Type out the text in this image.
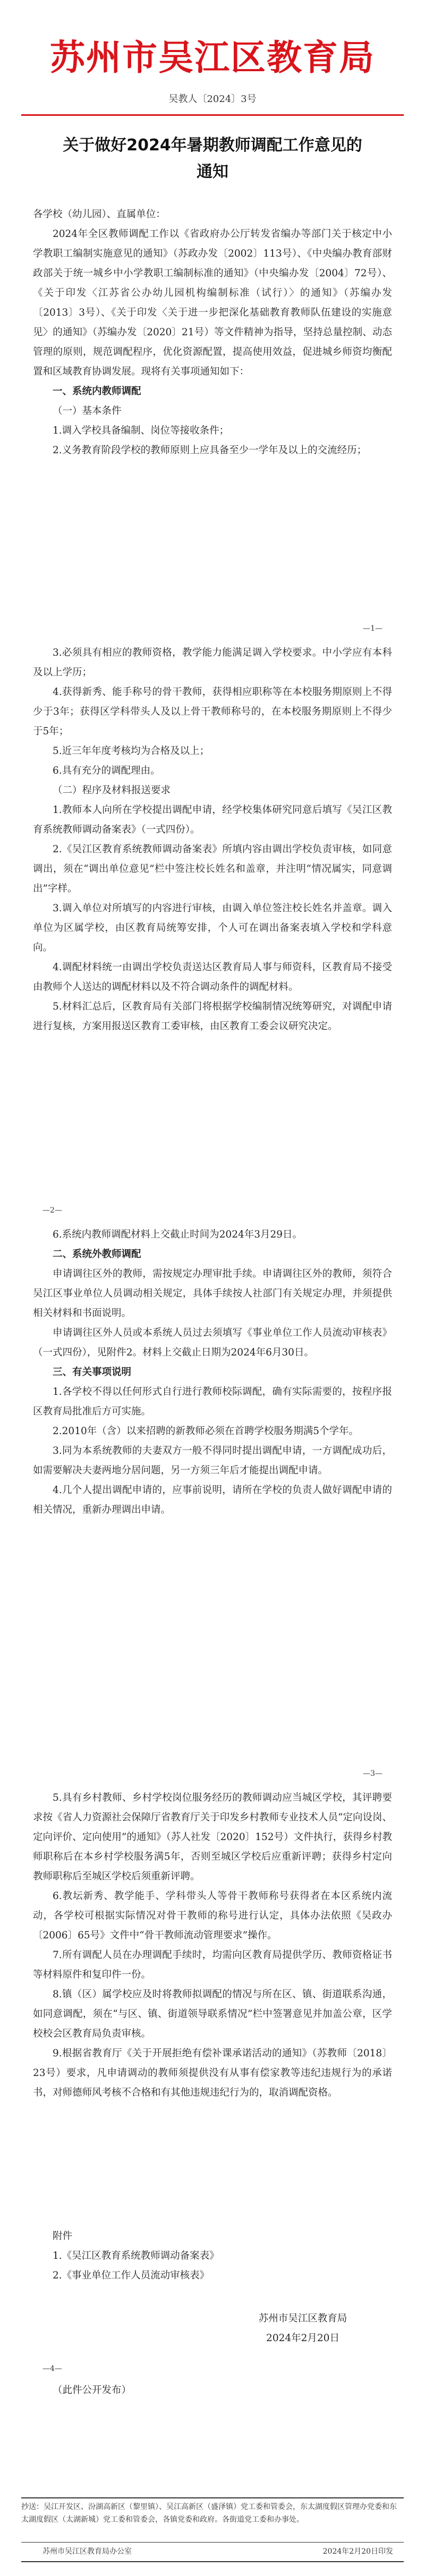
苏州市吴江区教育局
吴教人〔2024〕3号
关于做好2024年暑期教师调配工作意见的
通知

各学校（幼儿园）、直属单位：

2024年全区教师调配工作以《省政府办公厅转发省编办等部门关于核定中小学教职工编制实施意见的通知》（苏政办发〔2002〕113号）、《中央编办教育部财政部关于统一城乡中小学教职工编制标准的通知》（中央编办发〔2004〕72号）、《关于印发〈江苏省公办幼儿园机构编制标准（试行）〉的通知》（苏编办发〔2013〕3号）、《关于印发〈关于进一步把深化基础教育教师队伍建设的实施意见〉的通知》（苏编办发〔2020〕21号）等文件精神为指导，坚持总量控制、动态管理的原则，规范调配程序，优化资源配置，提高使用效益，促进城乡师资均衡配置和区域教育协调发展。现将有关事项通知如下：

一、系统内教师调配

（一）基本条件

1.调入学校具备编制、岗位等接收条件；

2.义务教育阶段学校的教师原则上应具备至少一学年及以上的交流经历；

—1—

3.必须具有相应的教师资格，教学能力能满足调入学校要求。中小学应有本科及以上学历；

4.获得新秀、能手称号的骨干教师，获得相应职称等在本校服务期原则上不得少于3年；获得区学科带头人及以上骨干教师称号的，在本校服务期原则上不得少于5年；

5.近三年年度考核均为合格及以上；

6.具有充分的调配理由。

（二）程序及材料报送要求

1.教师本人向所在学校提出调配申请，经学校集体研究同意后填写《吴江区教育系统教师调动备案表》（一式四份）。

2.《吴江区教育系统教师调动备案表》所填内容由调出学校负责审核，如同意调出，须在“调出单位意见”栏中签注校长姓名和盖章，并注明“情况属实，同意调出”字样。

3.调入单位对所填写的内容进行审核，由调入单位签注校长姓名并盖章。调入单位为区属学校，由区教育局统筹安排，个人可在调出备案表填入学校和学科意向。

4.调配材料统一由调出学校负责送达区教育局人事与师资科，区教育局不接受由教师个人送达的调配材料以及不符合调动条件的调配材料。

5.材料汇总后，区教育局有关部门将根据学校编制情况统筹研究，对调配申请进行复核，方案用报送区教育工委审核，由区教育工委会议研究决定。

—2—

6.系统内教师调配材料上交截止时间为2024年3月29日。

二、系统外教师调配

申请调往区外的教师，需按规定办理审批手续。申请调往区外的教师，须符合吴江区事业单位人员调动相关规定，具体手续按人社部门有关规定办理，并须提供相关材料和书面说明。

申请调往区外人员或本系统人员过去须填写《事业单位工作人员流动审核表》（一式四份），见附件2。材料上交截止日期为2024年6月30日。

三、有关事项说明

1.各学校不得以任何形式自行进行教师校际调配，确有实际需要的，按程序报区教育局批准后方可实施。

2.2010年（含）以来招聘的新教师必须在首聘学校服务期满5个学年。

3.同为本系统教师的夫妻双方一般不得同时提出调配申请，一方调配成功后，如需要解决夫妻两地分居问题，另一方须三年后才能提出调配申请。

4.几个人提出调配申请的，应事前说明，请所在学校的负责人做好调配申请的相关情况，重新办理调出申请。

—3—

5.具有乡村教师、乡村学校岗位服务经历的教师调动应当城区学校，其评聘要求按《省人力资源社会保障厅省教育厅关于印发乡村教师专业技术人员“定向设岗、定向评价、定向使用”的通知》（苏人社发〔2020〕152号）文件执行，获得乡村教师职称后在本乡村学校服务满5年，否则至城区学校后应重新评聘；获得乡村定向教师职称后至城区学校后须重新评聘。

6.教坛新秀、教学能手、学科带头人等骨干教师称号获得者在本区系统内流动，各学校可根据实际情况对骨干教师的称号进行认定，具体办法依照《吴政办〔2006〕65号》文件中“骨干教师流动管理要求”操作。

7.所有调配人员在办理调配手续时，均需向区教育局提供学历、教师资格证书等材料原件和复印件一份。

8.镇（区）属学校应及时将教师拟调配的情况与所在区、镇、街道联系沟通，如同意调配，须在“与区、镇、街道领导联系情况”栏中签署意见并加盖公章，区学校校会区教育局负责审核。

9.根据省教育厅《关于开展拒绝有偿补课承诺活动的通知》（苏教师〔2018〕23号）要求，凡申请调动的教师须提供没有从事有偿家教等违纪违规行为的承诺书，对师德师风考核不合格和有其他违规违纪行为的，取消调配资格。

附件

1.《吴江区教育系统教师调动备案表》

2.《事业单位工作人员流动审核表》

苏州市吴江区教育局
2024年2月20日
—4—

（此件公开发布）

抄送：吴江开发区、汾湖高新区（黎里镇）、吴江高新区（盛泽镇）党工委和管委会，东太湖度假区管理办党委和东太湖度假区（太湖新城）党工委和管委会，各镇党委和政府。各街道党工委和办事处。
苏州市吴江区教育局办公室	2024年2月20日印发
